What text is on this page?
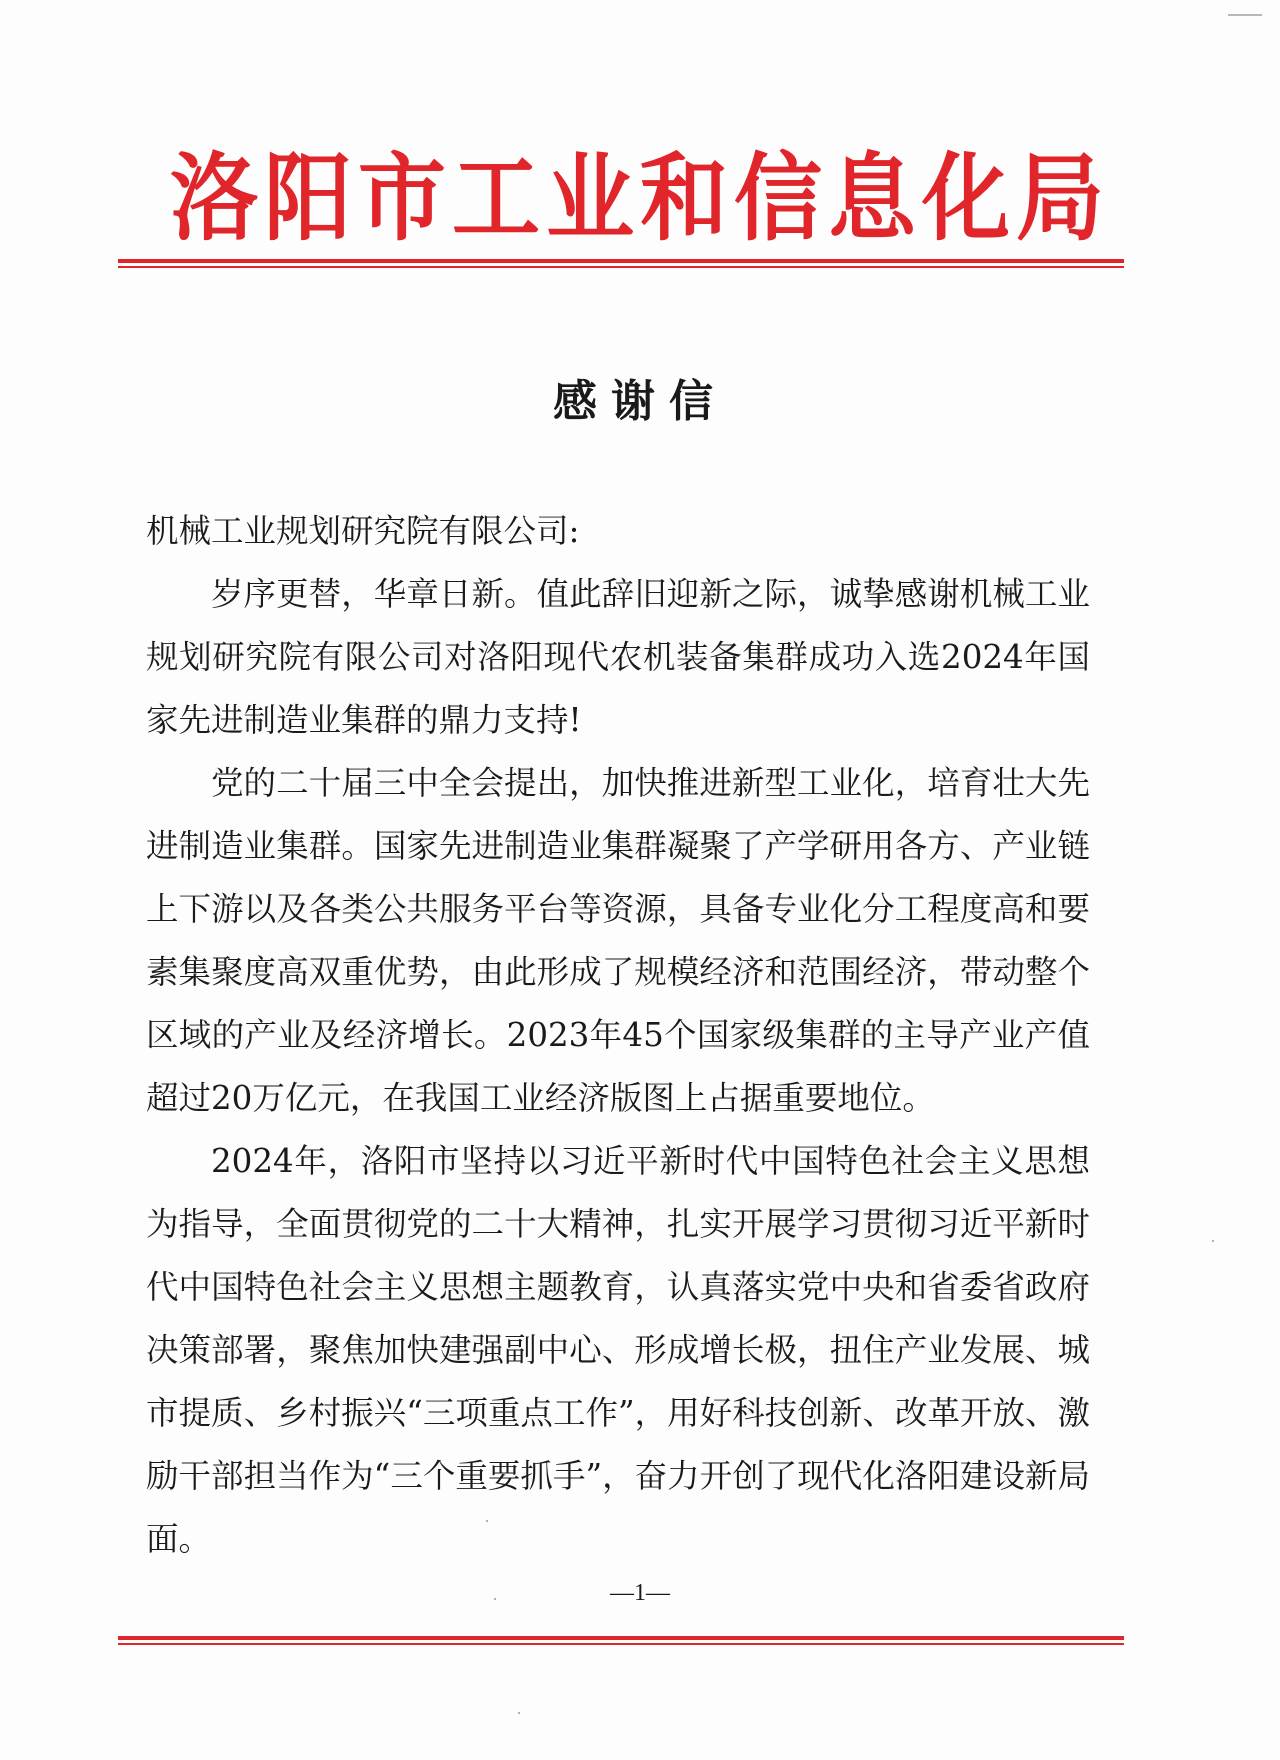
洛阳市工业和信息化局
感谢信

机械工业规划研究院有限公司:

岁序更替，华章日新。值此辞旧迎新之际，诚挚感谢机械工业规划研究院有限公司对洛阳现代农机装备集群成功入选2024年国家先进制造业集群的鼎力支持!

党的二十届三中全会提出，加快推进新型工业化，培育壮大先进制造业集群。国家先进制造业集群凝聚了产学研用各方、产业链上下游以及各类公共服务平台等资源，具备专业化分工程度高和要素集聚度高双重优势，由此形成了规模经济和范围经济，带动整个区域的产业及经济增长。2023年45个国家级集群的主导产业产值超过20万亿元，在我国工业经济版图上占据重要地位。

2024年，洛阳市坚持以习近平新时代中国特色社会主义思想为指导，全面贯彻党的二十大精神，扎实开展学习贯彻习近平新时代中国特色社会主义思想主题教育，认真落实党中央和省委省政府决策部署，聚焦加快建强副中心、形成增长极，扭住产业发展、城市提质、乡村振兴“三项重点工作”，用好科技创新、改革开放、激励干部担当作为“三个重要抓手”，奋力开创了现代化洛阳建设新局面。

—1—
